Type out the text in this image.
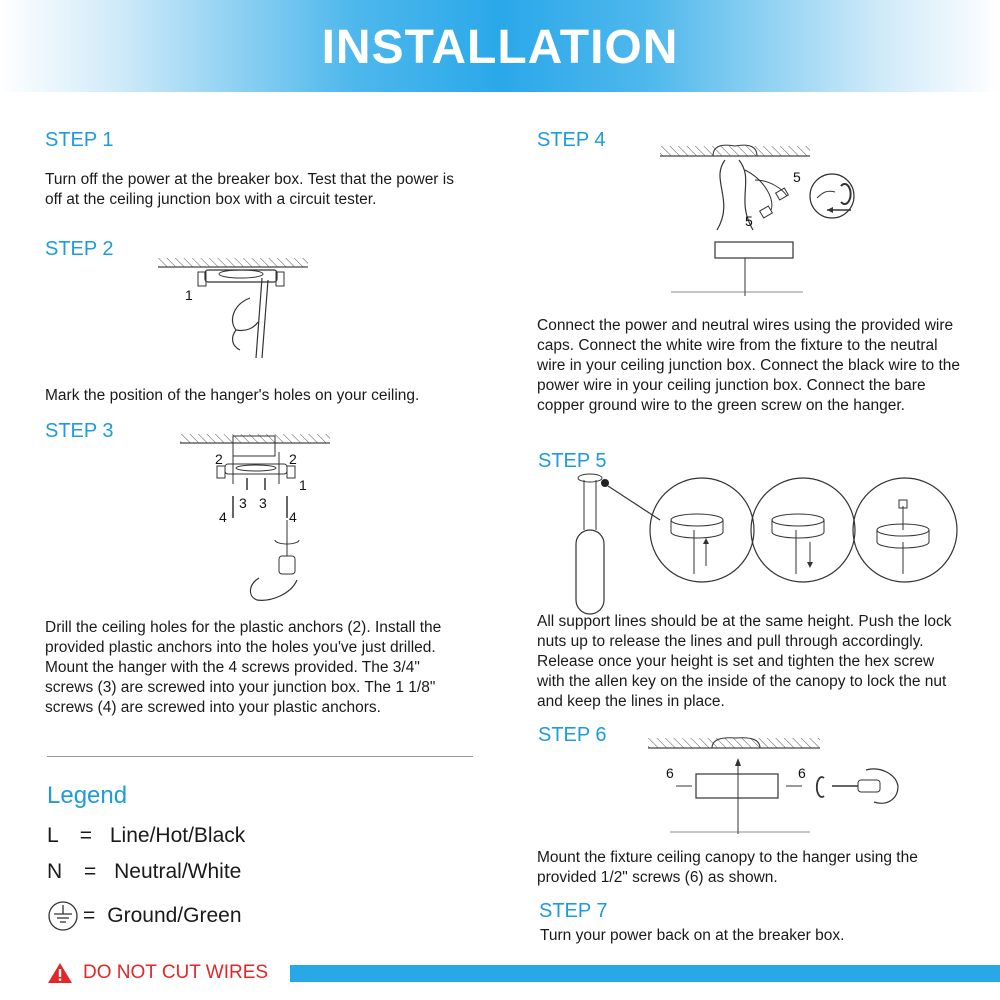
INSTALLATION
STEP 1
Turn off the power at the breaker box. Test that the power is off at the ceiling junction box with a circuit tester.
STEP 2
1
Mark the position of the hanger's holes on your ceiling.
STEP 3
2	2
1
3 3
4	4
Drill the ceiling holes for the plastic anchors (2). Install the provided plastic anchors into the holes you've just drilled. Mount the hanger with the 4 screws provided. The 3/4" screws (3) are screwed into your junction box. The 1 1/8" screws (4) are screwed into your plastic anchors.
Legend
L = Line/Hot/Black
N = Neutral/White
= Ground/Green
DO NOT CUT WIRES
STEP 4
5
5
Connect the power and neutral wires using the provided wire caps. Connect the white wire from the fixture to the neutral wire in your ceiling junction box. Connect the black wire to the power wire in your ceiling junction box. Connect the bare copper ground wire to the green screw on the hanger.
STEP 5
All support lines should be at the same height. Push the lock nuts up to release the lines and pull through accordingly. Release once your height is set and tighten the hex screw with the allen key on the inside of the canopy to lock the nut and keep the lines in place.
STEP 6
6	6
Mount the fixture ceiling canopy to the hanger using the provided 1/2" screws (6) as shown.
STEP 7
Turn your power back on at the breaker box.
